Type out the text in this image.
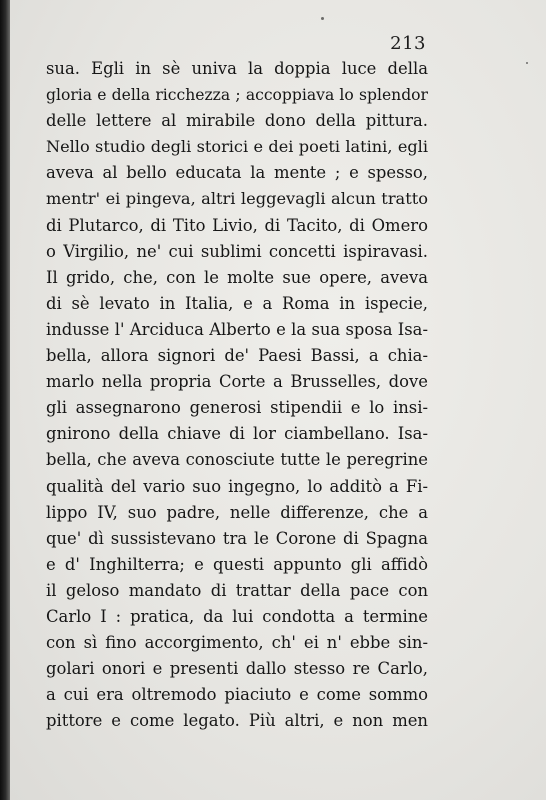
213
sua. Egli in sè univa la doppia luce della
gloria e della ricchezza ; accoppiava lo splendor
delle lettere al mirabile dono della pittura.
Nello studio degli storici e dei poeti latini, egli
aveva al bello educata la mente ; e spesso,
mentr' ei pingeva, altri leggevagli alcun tratto
di Plutarco, di Tito Livio, di Tacito, di Omero
o Virgilio, ne' cui sublimi concetti ispiravasi.
Il grido, che, con le molte sue opere, aveva
di sè levato in Italia, e a Roma in ispecie,
indusse l' Arciduca Alberto e la sua sposa Isa-
bella, allora signori de' Paesi Bassi, a chia-
marlo nella propria Corte a Brusselles, dove
gli assegnarono generosi stipendii e lo insi-
gnirono della chiave di lor ciambellano. Isa-
bella, che aveva conosciute tutte le peregrine
qualità del vario suo ingegno, lo additò a Fi-
lippo IV, suo padre, nelle differenze, che a
que' dì sussistevano tra le Corone di Spagna
e d' Inghilterra; e questi appunto gli affidò
il geloso mandato di trattar della pace con
Carlo I : pratica, da lui condotta a termine
con sì fino accorgimento, ch' ei n' ebbe sin-
golari onori e presenti dallo stesso re Carlo,
a cui era oltremodo piaciuto e come sommo
pittore e come legato. Più altri, e non men
